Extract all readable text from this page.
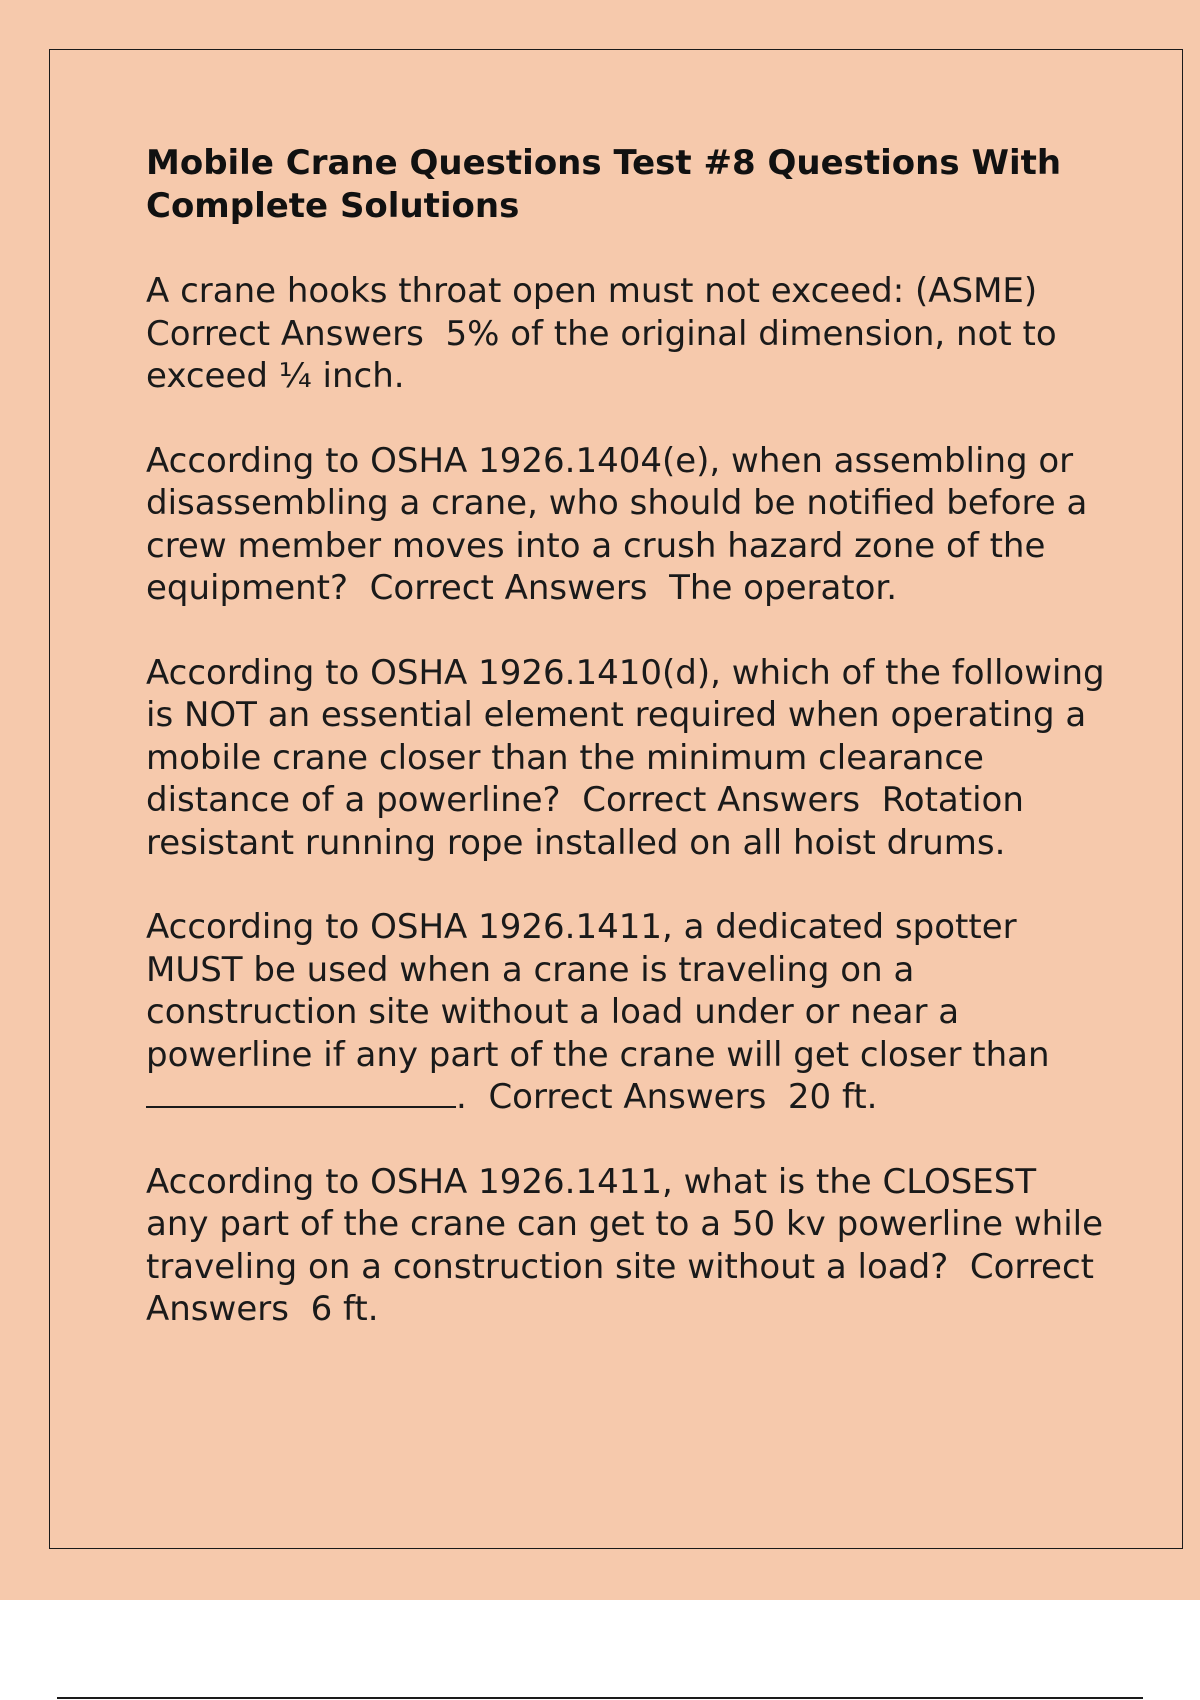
Mobile Crane Questions Test #8 Questions With Complete Solutions

A crane hooks throat open must not exceed: (ASME)  Correct Answers 5% of the original dimension, not to exceed ¼ inch.

According to OSHA 1926.1404(e), when assembling or disassembling a crane, who should be notified before a crew member moves into a crush hazard zone of the equipment? Correct Answers The operator.

According to OSHA 1926.1410(d), which of the following is NOT an essential element required when operating a mobile crane closer than the minimum clearance distance of a powerline? Correct Answers Rotation resistant running rope installed on all hoist drums.

According to OSHA 1926.1411, a dedicated spotter MUST be used when a crane is traveling on a construction site without a load under or near a powerline if any part of the crane will get closer than . Correct Answers 20 ft.

According to OSHA 1926.1411, what is the CLOSEST any part of the crane can get to a 50 kv powerline while traveling on a construction site without a load? Correct Answers 6 ft.
